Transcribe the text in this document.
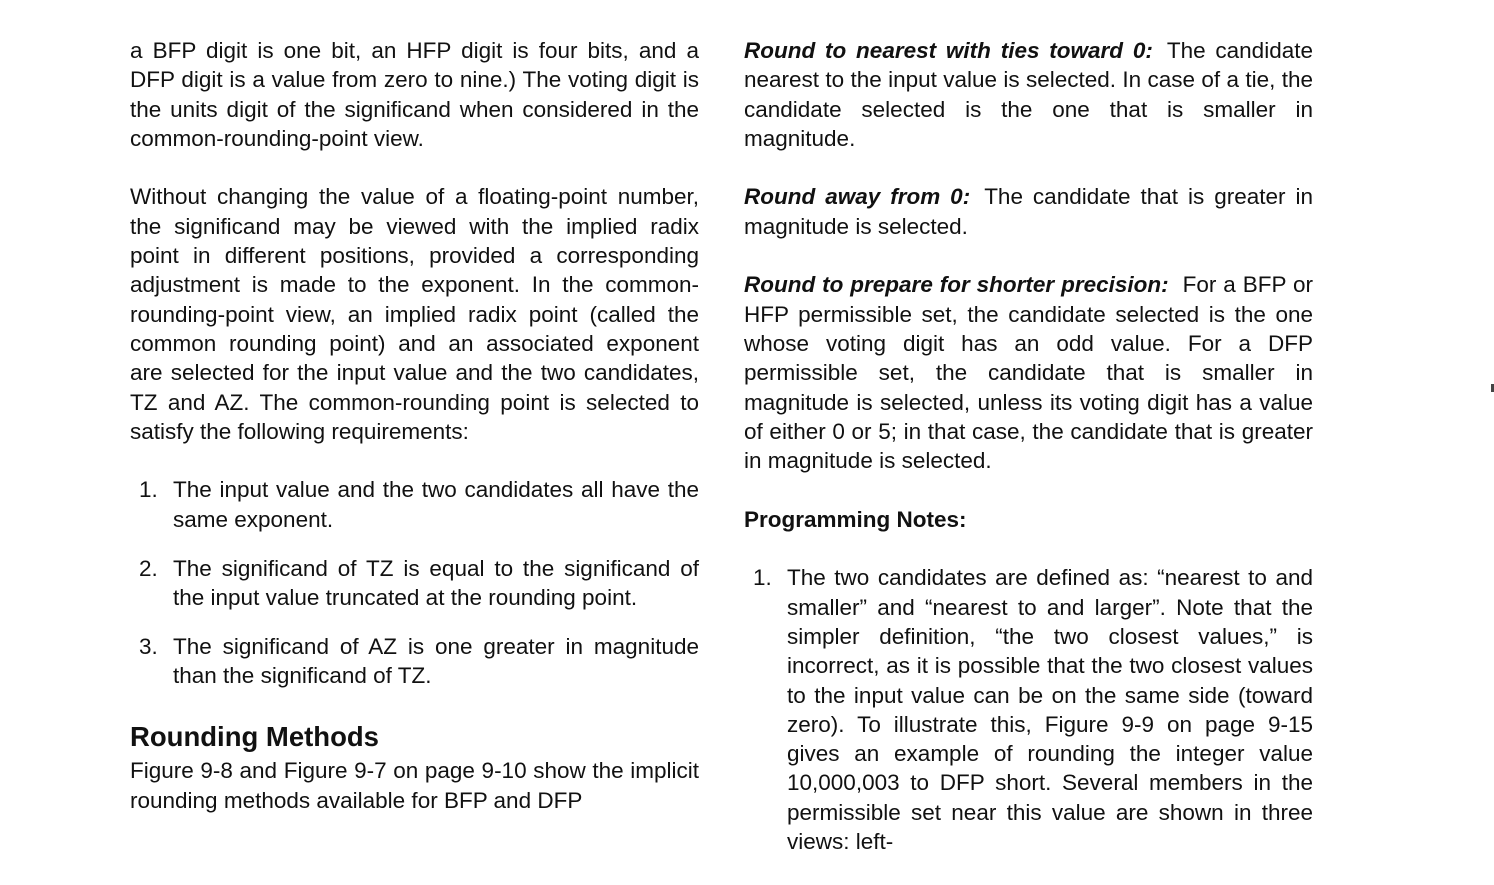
a BFP digit is one bit, an HFP digit is four bits, and a DFP digit is a value from zero to nine.) The voting digit is the units digit of the significand when considered in the common-rounding-point view.

Without changing the value of a floating-point number, the significand may be viewed with the implied radix point in different positions, provided a corresponding adjustment is made to the exponent. In the common-rounding-point view, an implied radix point (called the common rounding point) and an associated exponent are selected for the input value and the two candidates, TZ and AZ. The common-rounding point is selected to satisfy the following requirements:

1. The input value and the two candidates all have the same exponent.
2. The significand of TZ is equal to the significand of the input value truncated at the rounding point.
3. The significand of AZ is one greater in magnitude than the significand of TZ.
Rounding Methods

Figure 9-8 and Figure 9-7 on page 9-10 show the implicit rounding methods available for BFP and DFP

Round to nearest with ties toward 0: The candidate nearest to the input value is selected. In case of a tie, the candidate selected is the one that is smaller in magnitude.

Round away from 0: The candidate that is greater in magnitude is selected.

Round to prepare for shorter precision: For a BFP or HFP permissible set, the candidate selected is the one whose voting digit has an odd value. For a DFP permissible set, the candidate that is smaller in magnitude is selected, unless its voting digit has a value of either 0 or 5; in that case, the candidate that is greater in magnitude is selected.

Programming Notes:
1. The two candidates are defined as: “nearest to and smaller” and “nearest to and larger”. Note that the simpler definition, “the two closest values,” is incorrect, as it is possible that the two closest values to the input value can be on the same side (toward zero). To illustrate this, Figure 9-9 on page 9-15 gives an example of rounding the integer value 10,000,003 to DFP short. Several members in the permissible set near this value are shown in three views: left-
